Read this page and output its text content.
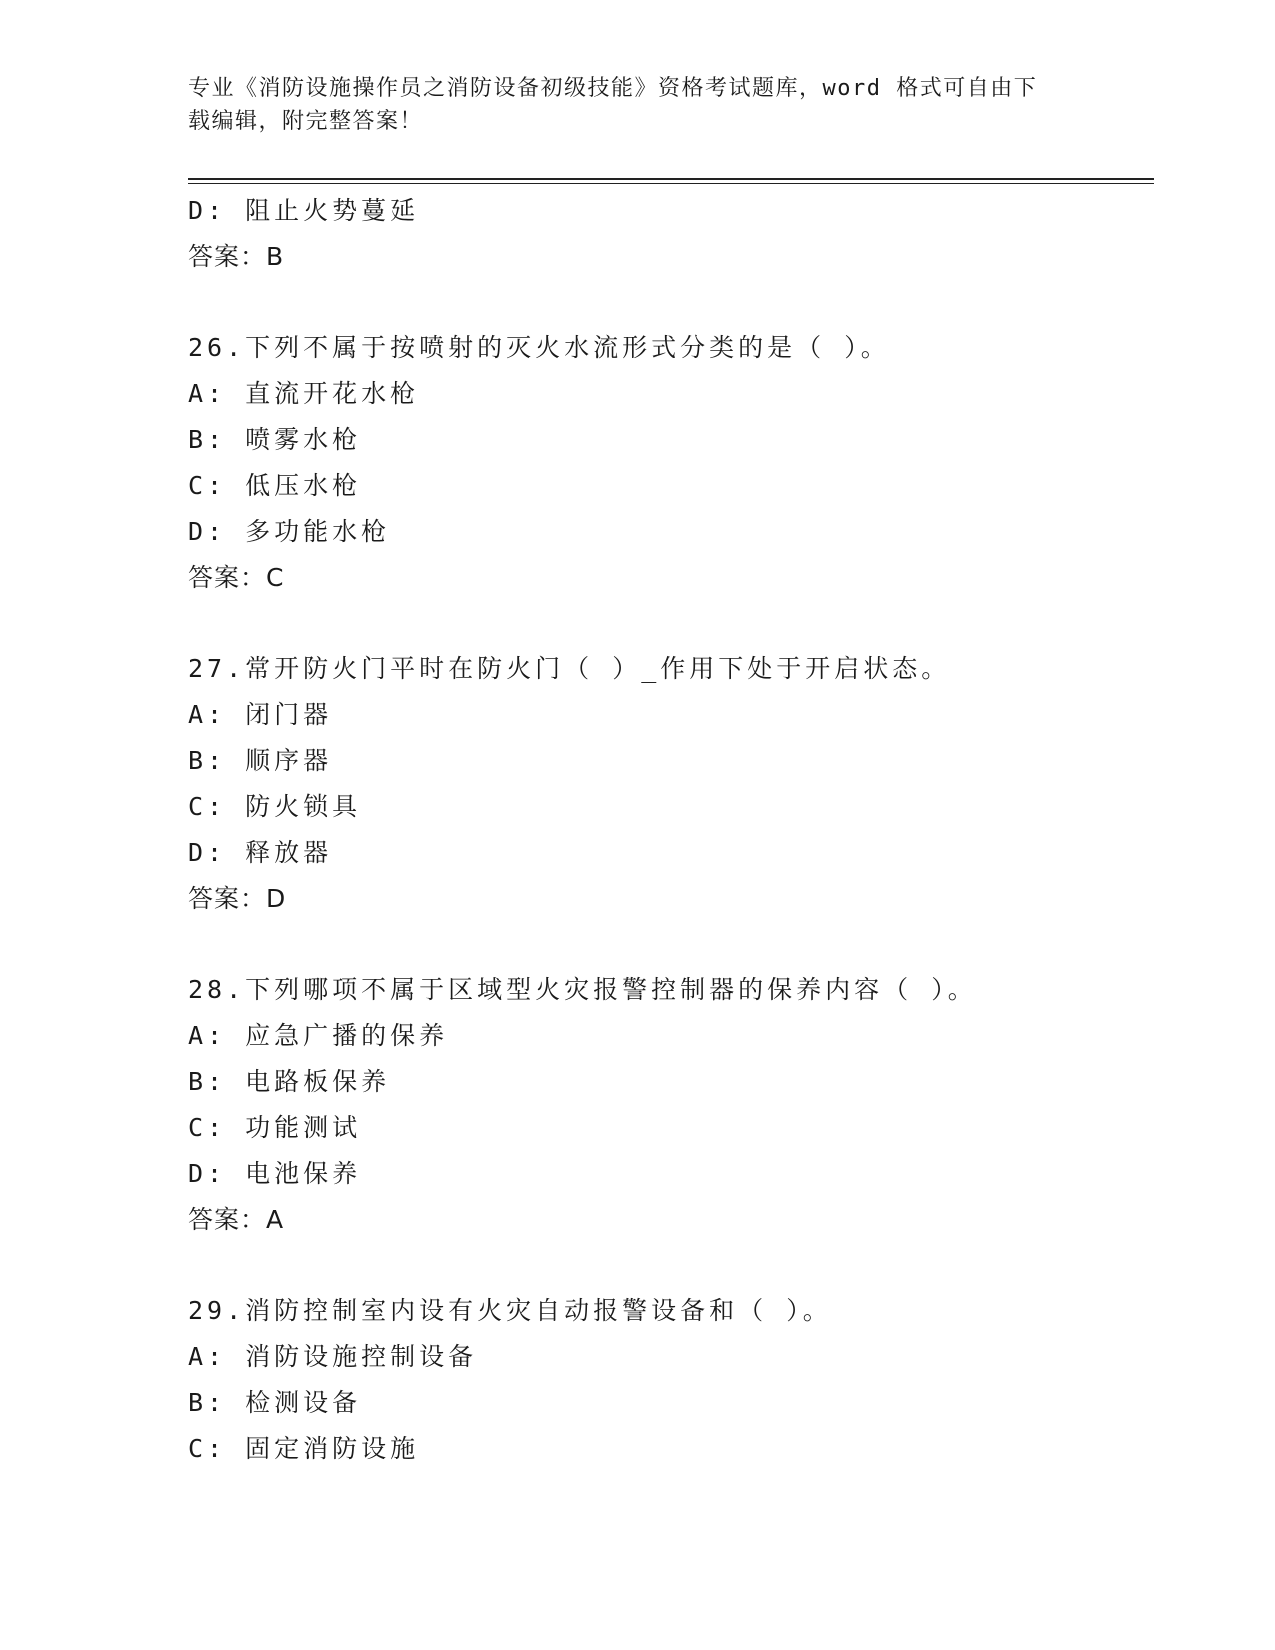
专业《消防设施操作员之消防设备初级技能》资格考试题库，word 格式可自由下
载编辑，附完整答案！
D: 阻止火势蔓延
答案：B
26.下列不属于按喷射的灭火水流形式分类的是（ ）。
A: 直流开花水枪
B: 喷雾水枪
C: 低压水枪
D: 多功能水枪
答案：C
27.常开防火门平时在防火门（ ）_作用下处于开启状态。
A: 闭门器
B: 顺序器
C: 防火锁具
D: 释放器
答案：D
28.下列哪项不属于区域型火灾报警控制器的保养内容（ ）。
A: 应急广播的保养
B: 电路板保养
C: 功能测试
D: 电池保养
答案：A
29.消防控制室内设有火灾自动报警设备和（ ）。
A: 消防设施控制设备
B: 检测设备
C: 固定消防设施
